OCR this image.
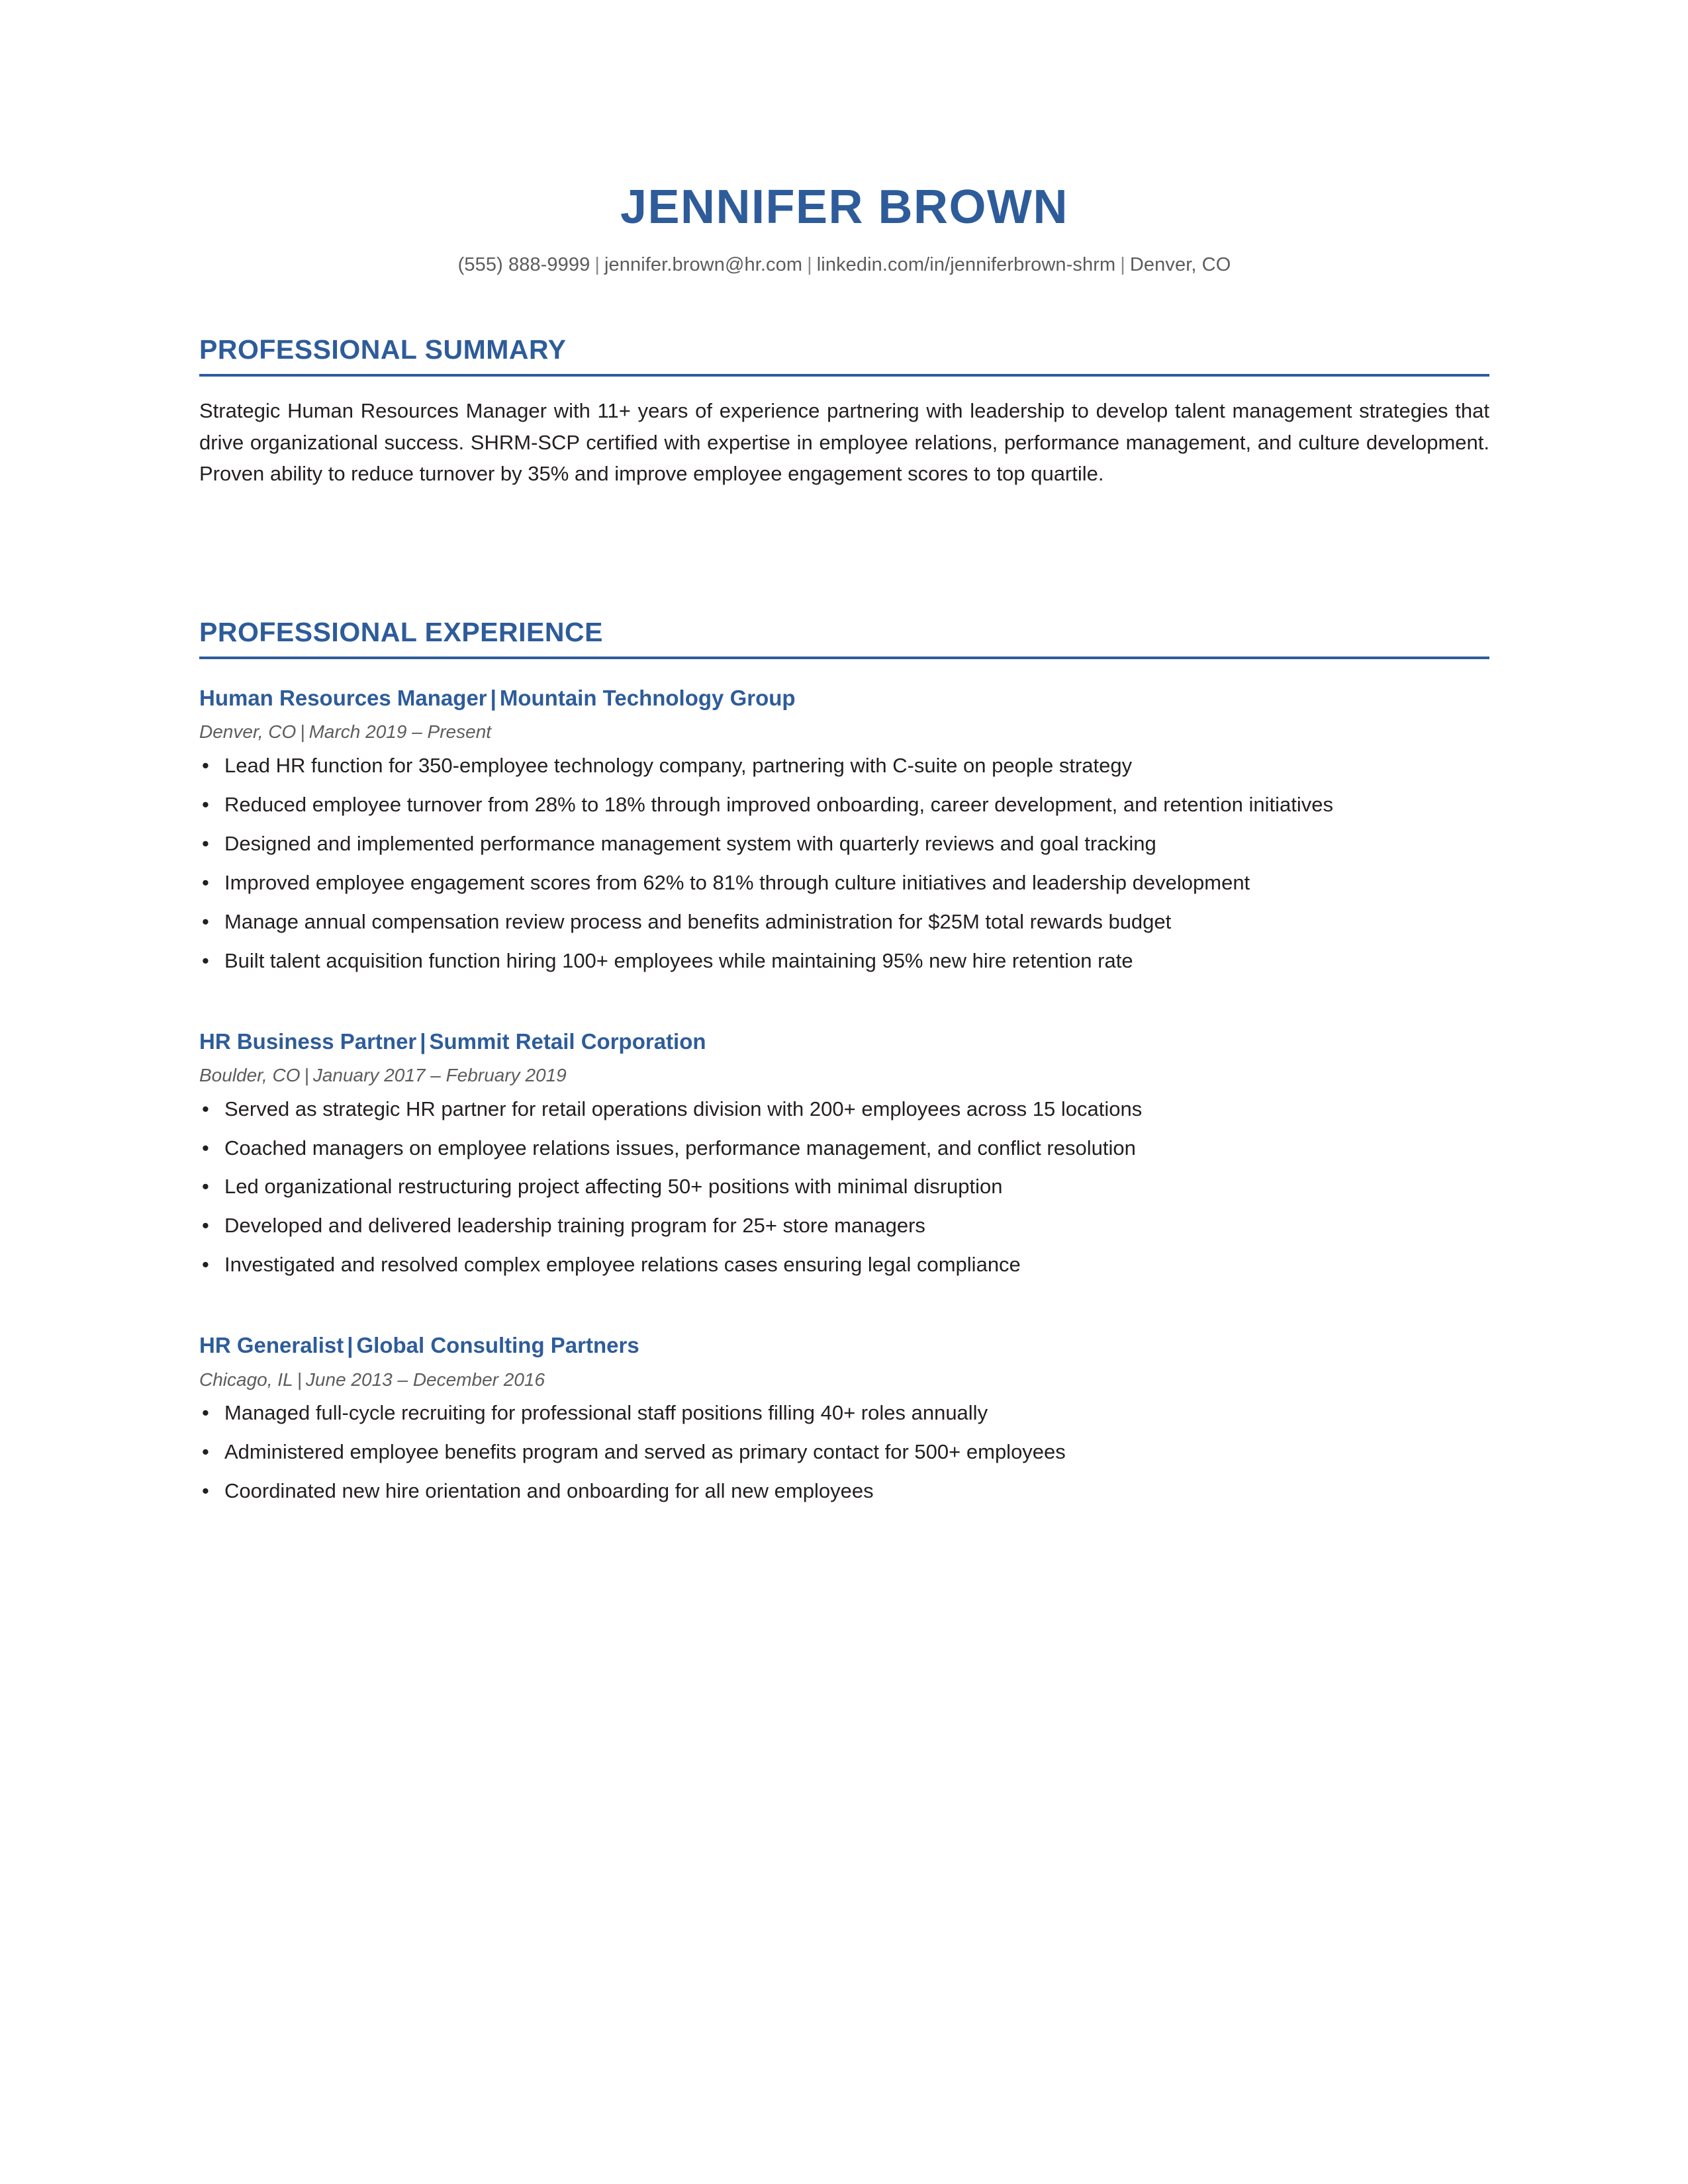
JENNIFER BROWN
(555) 888-9999 | jennifer.brown@hr.com | linkedin.com/in/jenniferbrown-shrm | Denver, CO
PROFESSIONAL SUMMARY

Strategic Human Resources Manager with 11+ years of experience partnering with leadership to develop talent management strategies that drive organizational success. SHRM-SCP certified with expertise in employee relations, performance management, and culture development. Proven ability to reduce turnover by 35% and improve employee engagement scores to top quartile.

PROFESSIONAL EXPERIENCE
Human Resources Manager | Mountain Technology Group
Denver, CO | March 2019 – Present
• Lead HR function for 350-employee technology company, partnering with C-suite on people strategy
• Reduced employee turnover from 28% to 18% through improved onboarding, career development, and retention initiatives
• Designed and implemented performance management system with quarterly reviews and goal tracking
• Improved employee engagement scores from 62% to 81% through culture initiatives and leadership development
• Manage annual compensation review process and benefits administration for $25M total rewards budget
• Built talent acquisition function hiring 100+ employees while maintaining 95% new hire retention rate
HR Business Partner | Summit Retail Corporation
Boulder, CO | January 2017 – February 2019
• Served as strategic HR partner for retail operations division with 200+ employees across 15 locations
• Coached managers on employee relations issues, performance management, and conflict resolution
• Led organizational restructuring project affecting 50+ positions with minimal disruption
• Developed and delivered leadership training program for 25+ store managers
• Investigated and resolved complex employee relations cases ensuring legal compliance
HR Generalist | Global Consulting Partners
Chicago, IL | June 2013 – December 2016
• Managed full-cycle recruiting for professional staff positions filling 40+ roles annually
• Administered employee benefits program and served as primary contact for 500+ employees
• Coordinated new hire orientation and onboarding for all new employees
